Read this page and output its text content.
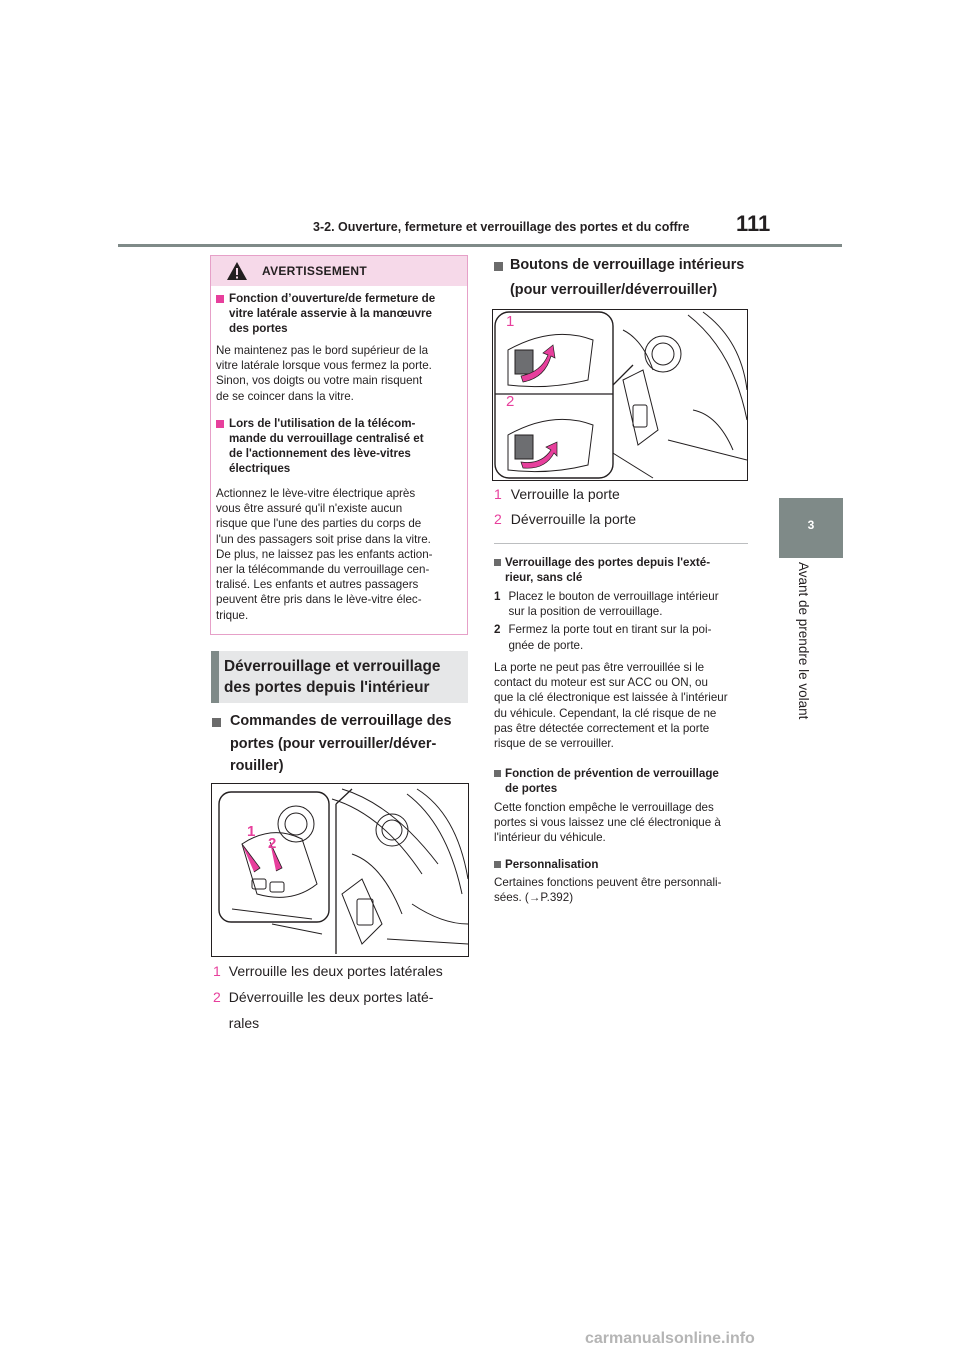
3-2. Ouverture, fermeture et verrouillage des portes et du coffre 111
3
Avant de prendre le volant
AVERTISSEMENT
Fonction d’ouverture/de fermeture de
vitre latérale asservie à la manœuvre
des portes
Ne maintenez pas le bord supérieur de la
vitre latérale lorsque vous fermez la porte.
Sinon, vos doigts ou votre main risquent
de se coincer dans la vitre.
Lors de l'utilisation de la télécom-
mande du verrouillage centralisé et
de l'actionnement des lève-vitres
électriques
Actionnez le lève-vitre électrique après
vous être assuré qu'il n'existe aucun
risque que l'une des parties du corps de
l'un des passagers soit prise dans la vitre.
De plus, ne laissez pas les enfants action-
ner la télécommande du verrouillage cen-
tralisé. Les enfants et autres passagers
peuvent être pris dans le lève-vitre élec-
trique.
Déverrouillage et verrouillage
des portes depuis l'intérieur
Commandes de verrouillage des
portes (pour verrouiller/déver-
rouiller)
1
2
1 Verrouille les deux portes latérales
2 Déverrouille les deux portes laté-
rales
Boutons de verrouillage intérieurs
(pour verrouiller/déverrouiller)
1
2
1 Verrouille la porte
2 Déverrouille la porte
Verrouillage des portes depuis l'exté-
rieur, sans clé
1 Placez le bouton de verrouillage intérieur
sur la position de verrouillage.
2 Fermez la porte tout en tirant sur la poi-
gnée de porte.
La porte ne peut pas être verrouillée si le
contact du moteur est sur ACC ou ON, ou
que la clé électronique est laissée à l'intérieur
du véhicule. Cependant, la clé risque de ne
pas être détectée correctement et la porte
risque de se verrouiller.
Fonction de prévention de verrouillage
de portes
Cette fonction empêche le verrouillage des
portes si vous laissez une clé électronique à
l'intérieur du véhicule.
Personnalisation
Certaines fonctions peuvent être personnali-
sées. (→P.392)
carmanualsonline.info
